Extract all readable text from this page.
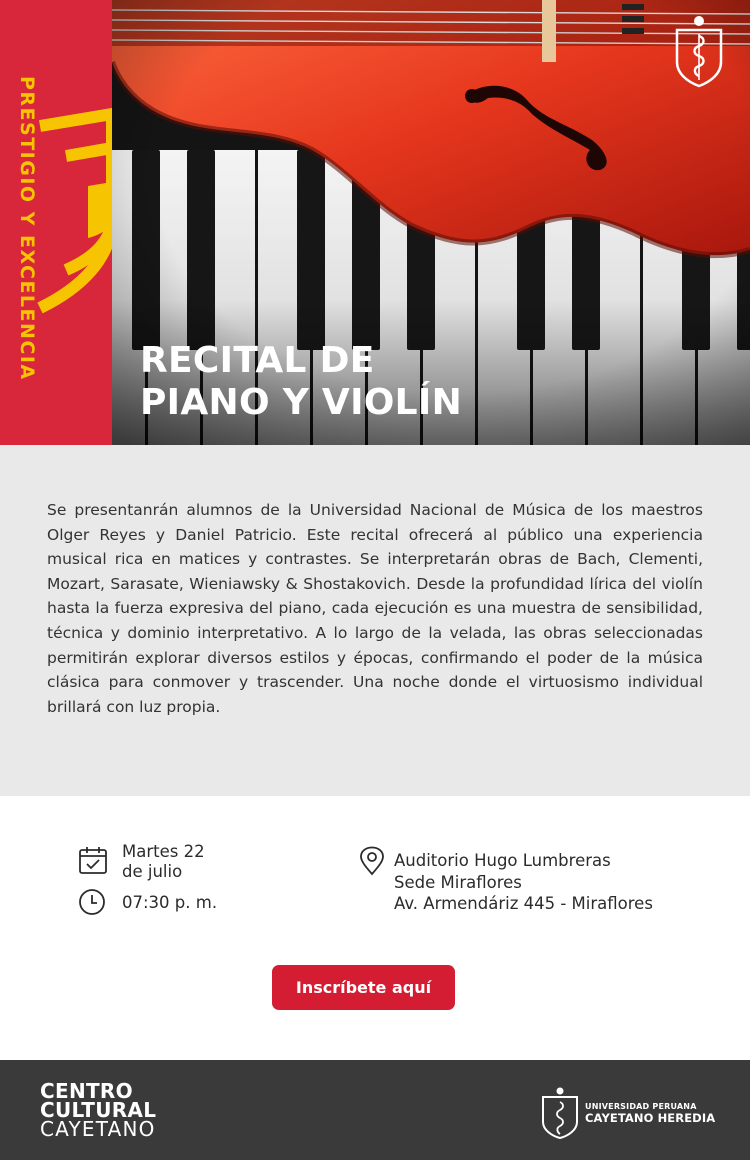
PRESTIGIO Y EXCELENCIA	RECITAL DE
PIANO Y VIOLÍN

Se presentanrán alumnos de la Universidad Nacional de Música de los maestros Olger Reyes y Daniel Patricio. Este recital ofrecerá al público una experiencia musical rica en matices y contrastes. Se interpretarán obras de Bach, Clementi, Mozart, Sarasate, Wieniawsky & Shostakovich. Desde la profundidad lírica del violín hasta la fuerza expresiva del piano, cada ejecución es una muestra de sensibilidad, técnica y dominio interpretativo. A lo largo de la velada, las obras seleccionadas permitirán explorar diversos estilos y épocas, confirmando el poder de la música clásica para conmover y trascender. Una noche donde el virtuosismo individual brillará con luz propia.

Martes 22
de julio
07:30 p. m.
Auditorio Hugo Lumbreras
Sede Miraflores
Av. Armendáriz 445 - Miraflores
Inscríbete aquí
CENTRO
CULTURAL
CAYETANO
UNIVERSIDAD PERUANA
CAYETANO HEREDIA
